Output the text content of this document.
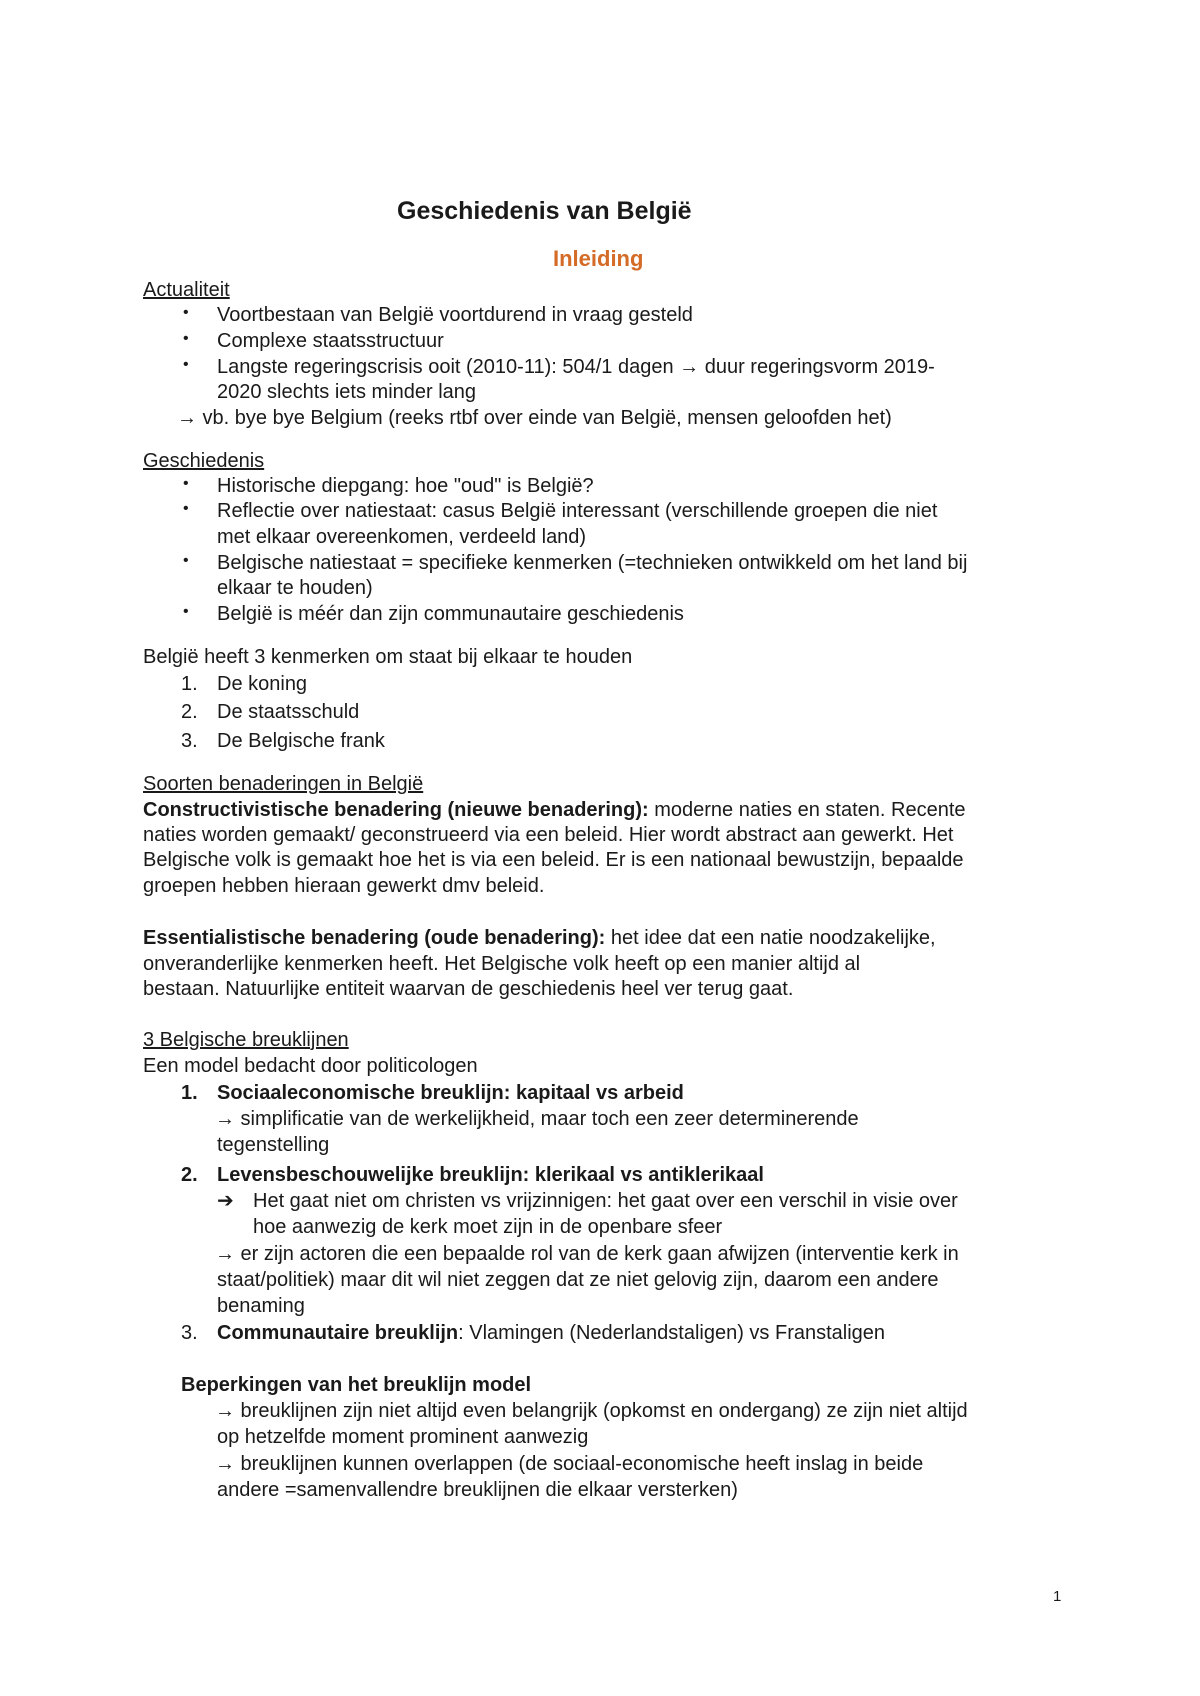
Geschiedenis van België
Inleiding
Actualiteit
• Voortbestaan van België voortdurend in vraag gesteld
• Complexe staatsstructuur
• Langste regeringscrisis ooit (2010-11): 504/1 dagen → duur regeringsvorm 2019-
2020 slechts iets minder lang
→ vb. bye bye Belgium (reeks rtbf over einde van België, mensen geloofden het)
Geschiedenis
• Historische diepgang: hoe "oud" is België?
• Reflectie over natiestaat: casus België interessant (verschillende groepen die niet
met elkaar overeenkomen, verdeeld land)
• Belgische natiestaat = specifieke kenmerken (=technieken ontwikkeld om het land bij
elkaar te houden)
• België is méér dan zijn communautaire geschiedenis
België heeft 3 kenmerken om staat bij elkaar te houden
1. De koning
2. De staatsschuld
3. De Belgische frank
Soorten benaderingen in België
Constructivistische benadering (nieuwe benadering): moderne naties en staten. Recente
naties worden gemaakt/ geconstrueerd via een beleid. Hier wordt abstract aan gewerkt. Het
Belgische volk is gemaakt hoe het is via een beleid. Er is een nationaal bewustzijn, bepaalde
groepen hebben hieraan gewerkt dmv beleid.
Essentialistische benadering (oude benadering): het idee dat een natie noodzakelijke,
onveranderlijke kenmerken heeft. Het Belgische volk heeft op een manier altijd al
bestaan. Natuurlijke entiteit waarvan de geschiedenis heel ver terug gaat.
3 Belgische breuklijnen
Een model bedacht door politicologen
1. Sociaaleconomische breuklijn: kapitaal vs arbeid
→ simplificatie van de werkelijkheid, maar toch een zeer determinerende
tegenstelling
2. Levensbeschouwelijke breuklijn: klerikaal vs antiklerikaal
➔ Het gaat niet om christen vs vrijzinnigen: het gaat over een verschil in visie over
hoe aanwezig de kerk moet zijn in de openbare sfeer
→ er zijn actoren die een bepaalde rol van de kerk gaan afwijzen (interventie kerk in
staat/politiek) maar dit wil niet zeggen dat ze niet gelovig zijn, daarom een andere
benaming
3. Communautaire breuklijn: Vlamingen (Nederlandstaligen) vs Franstaligen
Beperkingen van het breuklijn model
→ breuklijnen zijn niet altijd even belangrijk (opkomst en ondergang) ze zijn niet altijd
op hetzelfde moment prominent aanwezig
→ breuklijnen kunnen overlappen (de sociaal-economische heeft inslag in beide
andere =samenvallendre breuklijnen die elkaar versterken)
1
